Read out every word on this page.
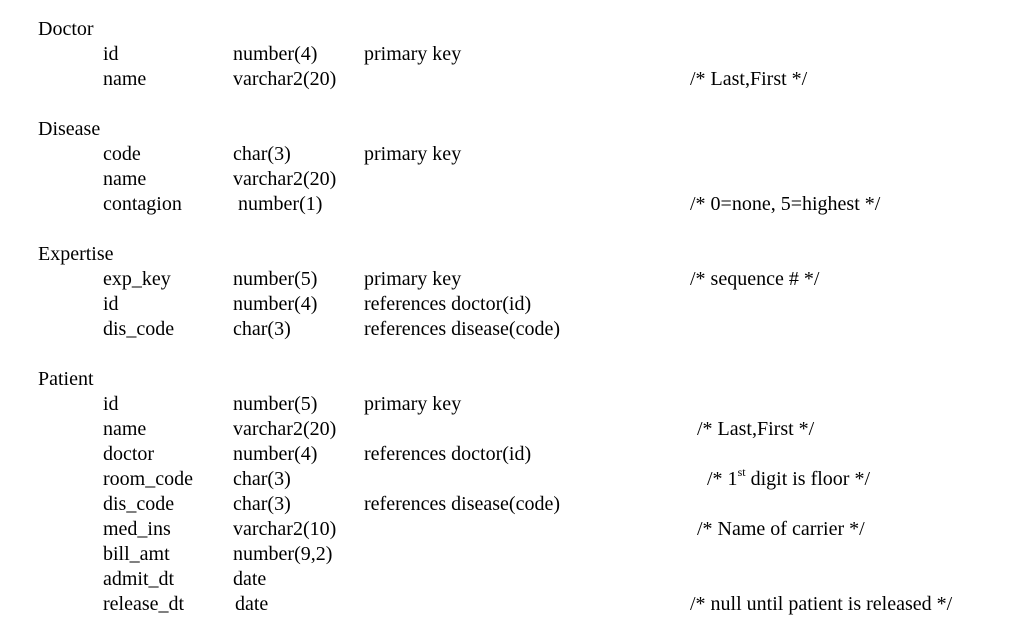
Doctor
id	number(4) primary key
name	varchar2(20)	/* Last,First */
Disease
code	char(3)	primary key
name	varchar2(20)
contagion	number(1)	/* 0=none, 5=highest */
Expertise
exp_key	number(5) primary key	/* sequence # */
id	number(4) references doctor(id)
dis_code	char(3)	references disease(code)
Patient
id	number(5) primary key
name	varchar2(20)	/* Last,First */
doctor	number(4) references doctor(id)
room_code char(3)	/* 1st digit is floor */
dis_code	char(3)	references disease(code)
med_ins	varchar2(10)	/* Name of carrier */
bill_amt	number(9,2)
admit_dt	date
release_dt	date	/* null until patient is released */
